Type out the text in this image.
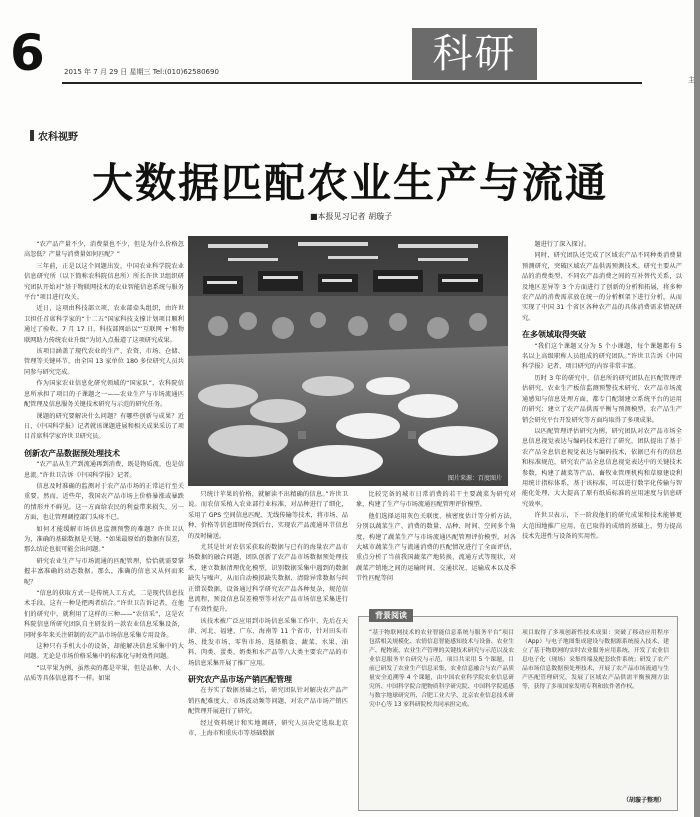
6	2015 年 7 月 29 日 星期三 Tel:(010)62580690	科研
主
农科视野
大数据匹配农业生产与流通
■本报见习记者 胡璇子

“农产品产量不少，消费量也不少，但是为什么价格忽高忽低？产量与消费量如何匹配？”

三年前，正是以这个问题出发，中国农业科学院农业信息研究所（以下简称农科院信息所）所长许世卫组织研究团队开始对“基于物联网技术的农业智能信息系统与服务平台”项目进行攻关。

近日，这项由科技部立项、农业部牵头组织，由许世卫担任首席科学家的“十二五”国家科技支撑计划项目顺利通过了验收。7 月 17 日，科技部网站以“‘互联网 +’和物联网助力传统农业升级”为切入点报道了这项研究成果。

该项目涵盖了现代农业的生产、农资、市场、仓储、管理等关键环节，由全国 13 家单位 180 多位研究人员共同参与研究完成。

作为国家农业信息化研究领域的“国家队”，农科院信息所承担了项目的子课题之一——农业生产与市场流通匹配管理及信息服务关键技术研究与示范的研究任务。

课题的研究要解决什么问题？有哪些创新与成果？近日，《中国科学报》记者就该课题进展和相关成果采访了项目首席科学家许世卫研究员。

创新农产品数据预处理技术

“农产品从生产到流通再到消费，既是物质流，也是信息流。”许世卫告诉《中国科学报》记者。

信息及时准确的监测对于农产品市场的正常运行至关重要。然而，近些年，我国农产品市场上价格暴涨或暴跌的情形并不鲜见。这一方面给农民的利益带来损失，另一方面，也让管理调控部门头疼不已。

如何才能缓解市场信息监测预警的难题？许世卫认为，准确的基础数据是关键。“如果最原始的数据有误差，那么结论也很可能会出问题。”

研究农业生产与市场流通的匹配管理，恰恰就需要掌握丰富准确的动态数据。那么，准确的信息又从何而来呢？

“信息的获取方式一是传统人工方式，二是现代信息技术手段，这有一种是把两者结合。”许世卫告诉记者，在他们的研究中，就利用了这样的三种——“农信采”，这是农科院信息所研究团队自主研发的一款农业信息采集设备，同时多年来关注研制的农产品市场信息采集专用设备。

这种只有手机大小的设备，却能解决信息采集中的大问题。无论是市场价格采集中的标准化与时效性问题。

“以苹果为例，虽然卖的都是苹果，但是品种、大小、品质等具体信息都不一样。如果

图片来源：百度图片

只统计苹果的价格，就解读不出精确的信息。”许世卫说。而农信采植入农业部行业标准，对品种进行了细化，采用了 GPS 空间信息匹配、无线传输等技术，将市场、品种、价格等信息即时传到后台，实现农产品流通环节信息的及时输送。

尤其是针对农信采获取的数据与已有的海量农产品市场数据的融合问题，团队创新了农产品市场数据预处理技术，建立数据清理优化模型，识别数据采集中遇到的数据缺失与噪声，从而自动模拟缺失数据、清除异常数据与纠正错误数据，设备通过科学研究农产品各种复杂，规范信息流程，预设信息误差模型等对农产品市场信息采集进行了有效性提升。

该技术被广泛应用到市场信息采集工作中，先后在天津、河北、福建、广东、海南等 11 个省市，针对田头市场、批发市场、零售市场、选择粮食、蔬菜、水果、油料、肉类、蛋类、奶类和水产品等八大类主要农产品的市场信息采集开展了推广应用。

研究农产品市场产销匹配管理

在夯实了数据基础之后，研究团队针对解决农产品产销匹配难度大、市场波动频等问题，对农产品市场产销匹配管理开展进行了研究。

经过资料统计和实地调研，研究人员决定选取北京市、上海市和重庆市等基础数据

比较完备的城市日常消费的若干主要蔬菜为研究对象，构建了生产与市场流通匹配管理评价模型。

他们选择运用灰色关联度、核密度估计等分析方法，分别以蔬菜生产、消费的数量、品种、时间、空间多个角度，构建了蔬菜生产与市场流通匹配管理评价模型。对各大城市蔬菜生产与流通消费的匹配情况进行了全面评估，重点分析了当前我国蔬菜产地转换、流通方式等现状，对蔬菜产销地之间的运输时间、交通状况、运输成本以及季节性匹配等问

题进行了深入探讨。

同时，研究团队还完成了区域农产品不同种类消费量预测研究，突破区域农产品供需预测技术。研究主要从产品的消费类型、不同农产品消费之间的互补替代关系，以及地区差异等 3 个方面进行了创新的分析和拓展，将多种农产品的消费需求放在统一的分析框架下进行分析，从而实现了中国 31 个省区各种农产品的具体消费需求情况研究。

在多领域取得突破

“我们这个课题又分为 5 个小课题，每个课题都有 5 名以上高级职称人员组成的研究团队。”许世卫告诉《中国科学报》记者，项目研究的内容非常丰富。

历时 3 年的研究中，信息所的研究团队在匹配管理评估研究、农业生产板信监测预警技术研究、农产品市场流通感知与信息处理方面，都专门配制建立系统平台的运用的研究；建立了农产品供需平衡与预测模型，农产品生产销会研究平台开发研究等方面均取得了多项成果。

以匹配管理评估研究为例，研究团队对农产品市场全息信息视觉表达与编码技术进行了研究，团队提出了基于农产品全息信息视觉表达与编码技术，依据已有有的信息和标准规范，研究农产品全息信息视觉表达中的关键技术参数，构建了蔬菜等产品、畜牧业管理机构和草原建设利用统计指标体系，基于该标准，可以进行数字化传输与智能化处理，大大提高了原有纸质标准的应用速度与信息研究效率。

许世卫表示，下一阶段他们的研究成果和技术能够更大范围地推广应用，在已取得的成绩的基础上，努力提高技术先进性与设备的实用性。

背景阅读
“基于物联网技术的农业智能信息系统与服务平台”项目包括相关规模化、农情信息智能感知技术与设备、农业生产、配物流、农业生产管理的关键技术研究与示范以及农业信息服务平台研究与示范，项目共采用 5 个课题，目前已研发了农业生产信息采集、农业信息融合与农产品质量安全追溯等 4 个课题，由中国农业科学院农业信息研究所、中国科学院合肥物质科学研究院、中国科学院遥感与数字地球研究所、合肥工业大学、北京农业信息技术研究中心等 13 家科研院校共同承担完成。
项目取得了多项创新性技术成果：突破了移动应用程序（App）与电子地图集成建设与数据源系统接入技术，建立了基于物联网的实时农业服务应用系统，开发了农业信息电子化（现场）采集终端及配套软件系统；研发了农产品市场信息数据预处理技术，开展了农产品市场流通与生产匹配管理研究，发展了区域农产品供需平衡预测方法等，获得了多项国家发明专利和软件著作权。
（胡璇子整理）
